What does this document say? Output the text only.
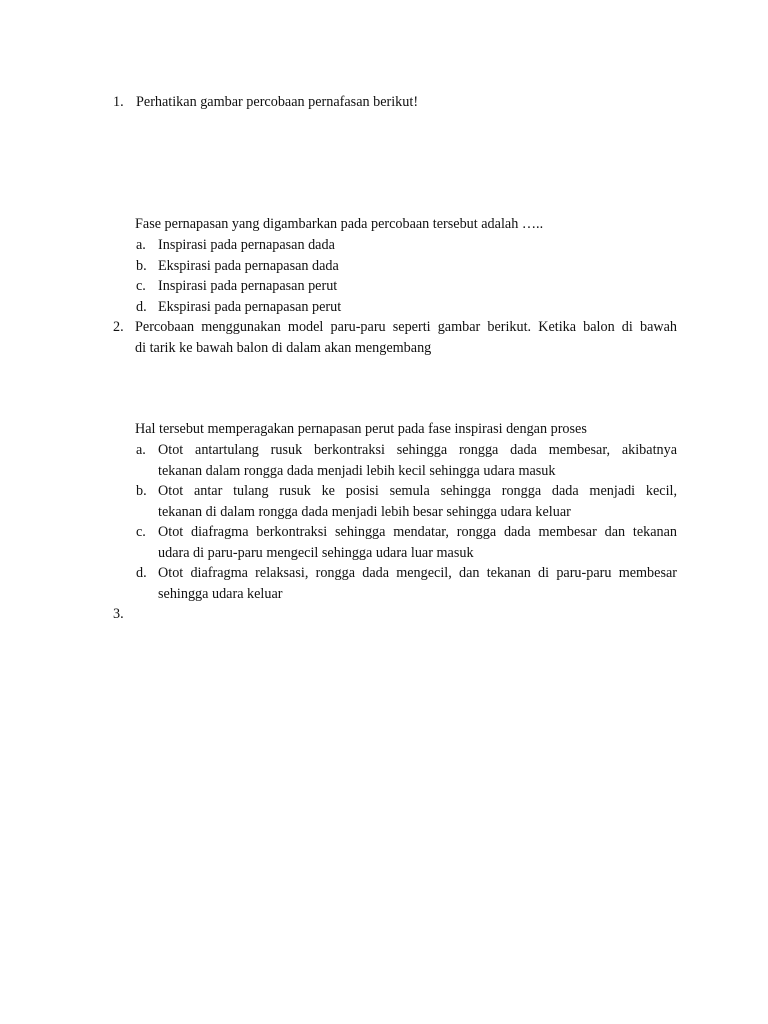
1. Perhatikan gambar percobaan pernafasan berikut!
Fase pernapasan yang digambarkan pada percobaan tersebut adalah …..
a. Inspirasi pada pernapasan dada
b. Ekspirasi pada pernapasan dada
c. Inspirasi pada pernapasan perut
d. Ekspirasi pada pernapasan perut
2. Percobaan menggunakan model paru-paru seperti gambar berikut. Ketika balon di bawah
di tarik ke bawah balon di dalam akan mengembang
Hal tersebut memperagakan pernapasan perut pada fase inspirasi dengan proses
a. Otot antartulang rusuk berkontraksi sehingga rongga dada membesar, akibatnya
tekanan dalam rongga dada menjadi lebih kecil sehingga udara masuk
b. Otot antar tulang rusuk ke posisi semula sehingga rongga dada menjadi kecil,
tekanan di dalam rongga dada menjadi lebih besar sehingga udara keluar
c. Otot diafragma berkontraksi sehingga mendatar, rongga dada membesar dan tekanan
udara di paru-paru mengecil sehingga udara luar masuk
d. Otot diafragma relaksasi, rongga dada mengecil, dan tekanan di paru-paru membesar
sehingga udara keluar
3.
